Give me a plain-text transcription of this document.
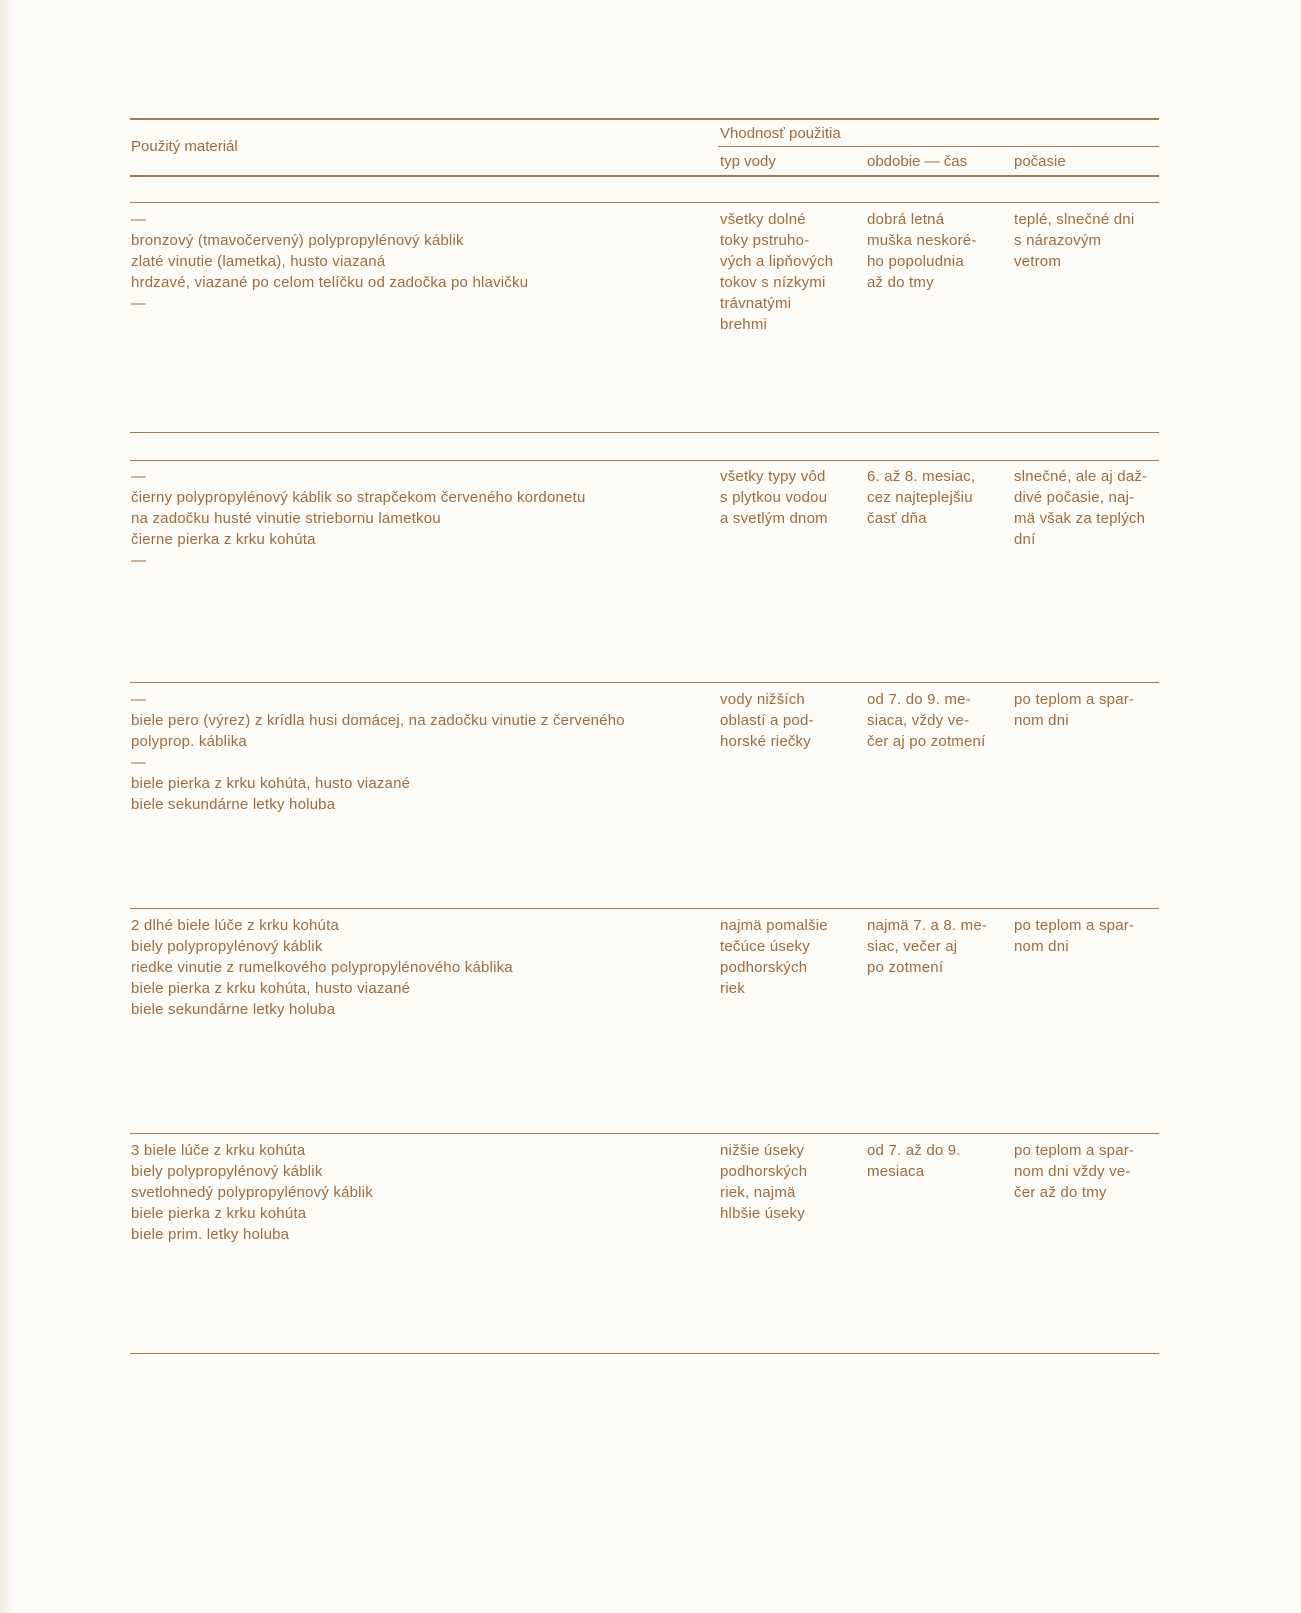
Použitý materiál
Vhodnosť použitia
typ vody	obdobie — čas	počasie
—
bronzový (tmavočervený) polypropylénový káblik
zlaté vinutie (lametka), husto viazaná
hrdzavé, viazané po celom telíčku od zadočka po hlavičku
—
všetky dolné
toky pstruho-
vých a lipňových
tokov s nízkymi
trávnatými
brehmi
dobrá letná
muška neskoré-
ho popoludnia
až do tmy
teplé, slnečné dni
s nárazovým
vetrom
—
čierny polypropylénový káblik so strapčekom červeného kordonetu
na zadočku husté vinutie striebornu lametkou
čierne pierka z krku kohúta
—
všetky typy vôd
s plytkou vodou
a svetlým dnom
6. až 8. mesiac,
cez najteplejšiu
časť dňa
slnečné, ale aj daž-
divé počasie, naj-
mä však za teplých
dní
—
biele pero (výrez) z krídla husi domácej, na zadočku vinutie z červeného
polyprop. káblika
—
biele pierka z krku kohúta, husto viazané
biele sekundárne letky holuba
vody nižších
oblastí a pod-
horské riečky
od 7. do 9. me-
siaca, vždy ve-
čer aj po zotmení
po teplom a spar-
nom dni
2 dlhé biele lúče z krku kohúta
biely polypropylénový káblik
riedke vinutie z rumelkového polypropylénového káblika
biele pierka z krku kohúta, husto viazané
biele sekundárne letky holuba
najmä pomalšie
tečúce úseky
podhorských
riek
najmä 7. a 8. me-
siac, večer aj
po zotmení
po teplom a spar-
nom dni
3 biele lúče z krku kohúta
biely polypropylénový káblik
svetlohnedý polypropylénový káblik
biele pierka z krku kohúta
biele prim. letky holuba
nižšie úseky
podhorských
riek, najmä
hlbšie úseky
od 7. až do 9.
mesiaca
po teplom a spar-
nom dni vždy ve-
čer až do tmy
